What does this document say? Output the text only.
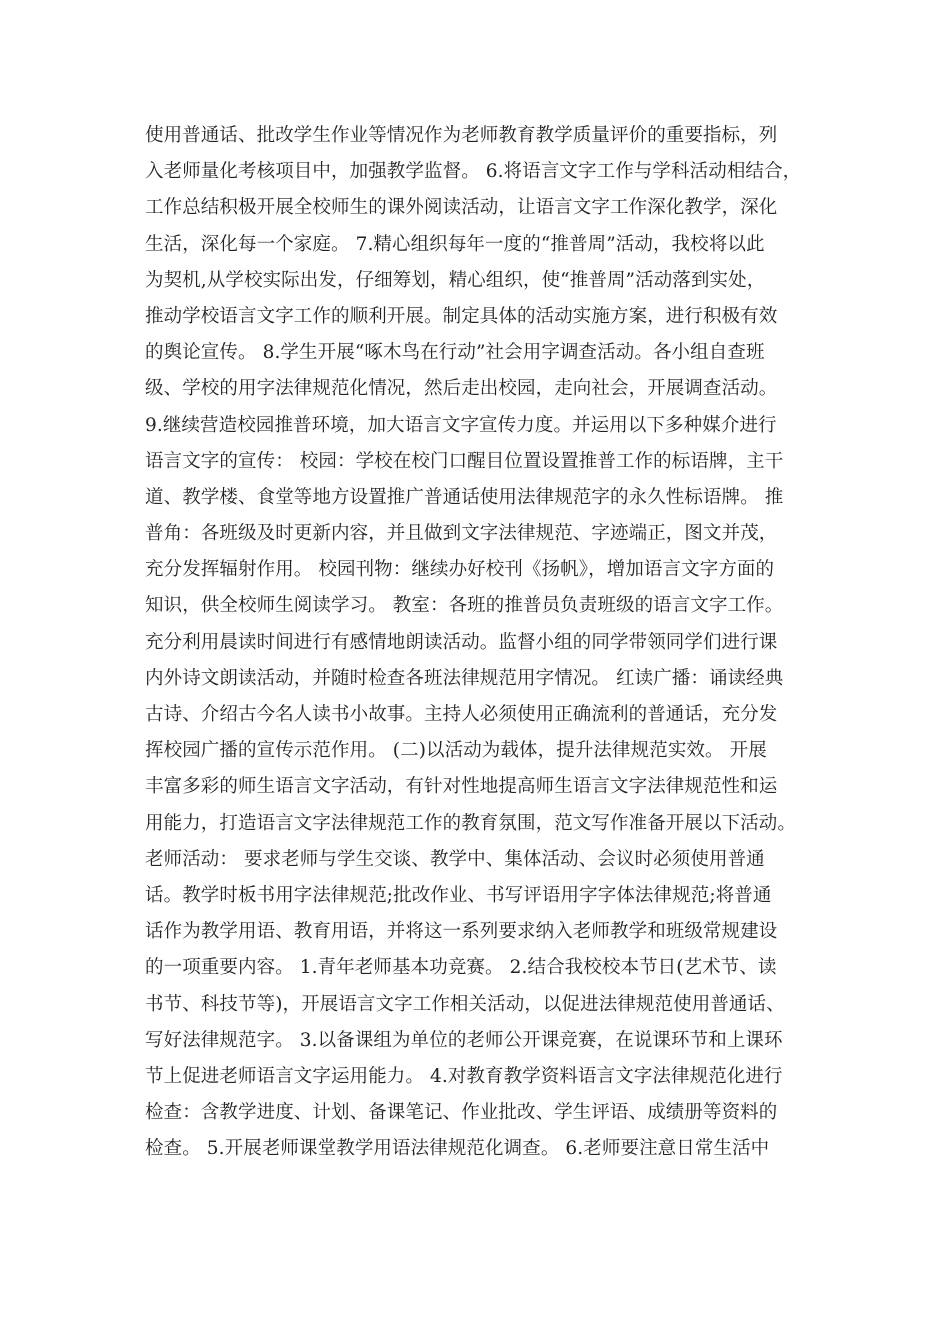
使用普通话、批改学生作业等情况作为老师教育教学质量评价的重要指标，列
入老师量化考核项目中，加强教学监督。 6.将语言文字工作与学科活动相结合，
工作总结积极开展全校师生的课外阅读活动，让语言文字工作深化教学，深化
生活，深化每一个家庭。 7.精心组织每年一度的“推普周”活动，我校将以此
为契机,从学校实际出发，仔细筹划，精心组织，使“推普周”活动落到实处，
推动学校语言文字工作的顺利开展。制定具体的活动实施方案，进行积极有效
的舆论宣传。 8.学生开展“啄木鸟在行动”社会用字调查活动。各小组自查班
级、学校的用字法律规范化情况，然后走出校园，走向社会，开展调查活动。
9.继续营造校园推普环境，加大语言文字宣传力度。并运用以下多种媒介进行
语言文字的宣传： 校园：学校在校门口醒目位置设置推普工作的标语牌，主干
道、教学楼、食堂等地方设置推广普通话使用法律规范字的永久性标语牌。 推
普角：各班级及时更新内容，并且做到文字法律规范、字迹端正，图文并茂，
充分发挥辐射作用。 校园刊物：继续办好校刊《扬帆》，增加语言文字方面的
知识，供全校师生阅读学习。 教室：各班的推普员负责班级的语言文字工作。
充分利用晨读时间进行有感情地朗读活动。监督小组的同学带领同学们进行课
内外诗文朗读活动，并随时检查各班法律规范用字情况。 红读广播：诵读经典
古诗、介绍古今名人读书小故事。主持人必须使用正确流利的普通话，充分发
挥校园广播的宣传示范作用。 (二)以活动为载体，提升法律规范实效。 开展
丰富多彩的师生语言文字活动，有针对性地提高师生语言文字法律规范性和运
用能力，打造语言文字法律规范工作的教育氛围，范文写作准备开展以下活动。
老师活动： 要求老师与学生交谈、教学中、集体活动、会议时必须使用普通
话。教学时板书用字法律规范;批改作业、书写评语用字字体法律规范;将普通
话作为教学用语、教育用语，并将这一系列要求纳入老师教学和班级常规建设
的一项重要内容。 1.青年老师基本功竞赛。 2.结合我校校本节日(艺术节、读
书节、科技节等)，开展语言文字工作相关活动，以促进法律规范使用普通话、
写好法律规范字。 3.以备课组为单位的老师公开课竞赛，在说课环节和上课环
节上促进老师语言文字运用能力。 4.对教育教学资料语言文字法律规范化进行
检查：含教学进度、计划、备课笔记、作业批改、学生评语、成绩册等资料的
检查。 5.开展老师课堂教学用语法律规范化调查。 6.老师要注意日常生活中
